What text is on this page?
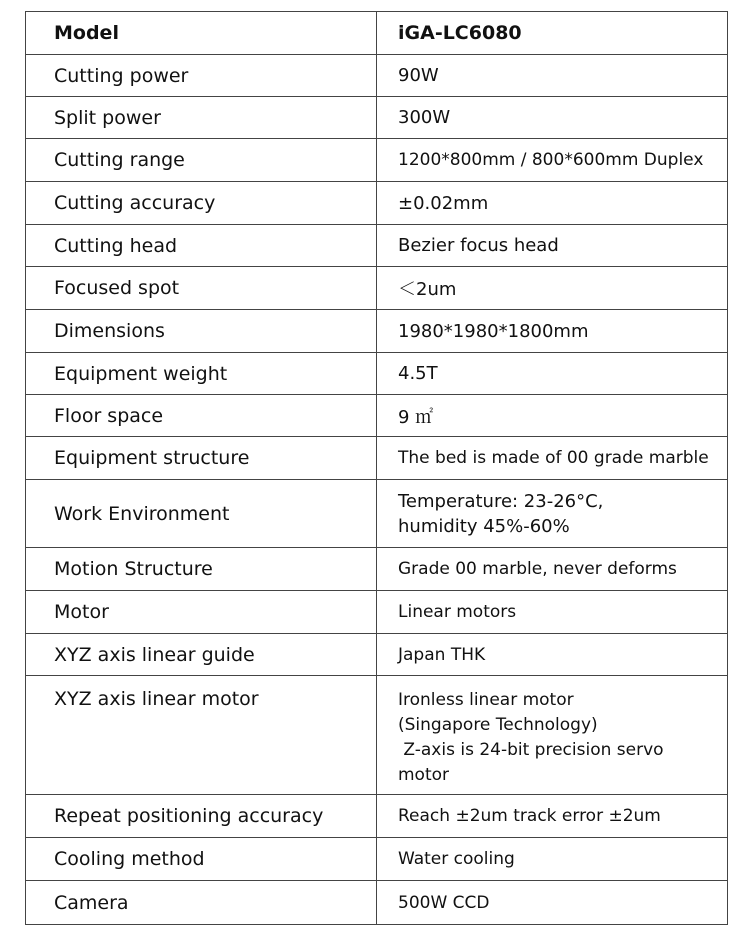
Model	iGA-LC6080
Cutting power	90W
Split power	300W
Cutting range	1200*800mm / 800*600mm Duplex
Cutting accuracy	±0.02mm
Cutting head	Bezier focus head
Focused spot	＜2um
Dimensions	1980*1980*1800mm
Equipment weight	4.5T
Floor space	9 ㎡
Equipment structure	The bed is made of 00 grade marble
Work Environment	Temperature: 23-26°C,
humidity 45%-60%

Motion Structure	Grade 00 marble, never deforms
Motor	Linear motors
XYZ axis linear guide	Japan THK
XYZ axis linear motor	Ironless linear motor
(Singapore Technology)
Z-axis is 24-bit precision servo
motor

Repeat positioning accuracy	Reach ±2um track error ±2um
Cooling method	Water cooling
Camera	500W CCD
